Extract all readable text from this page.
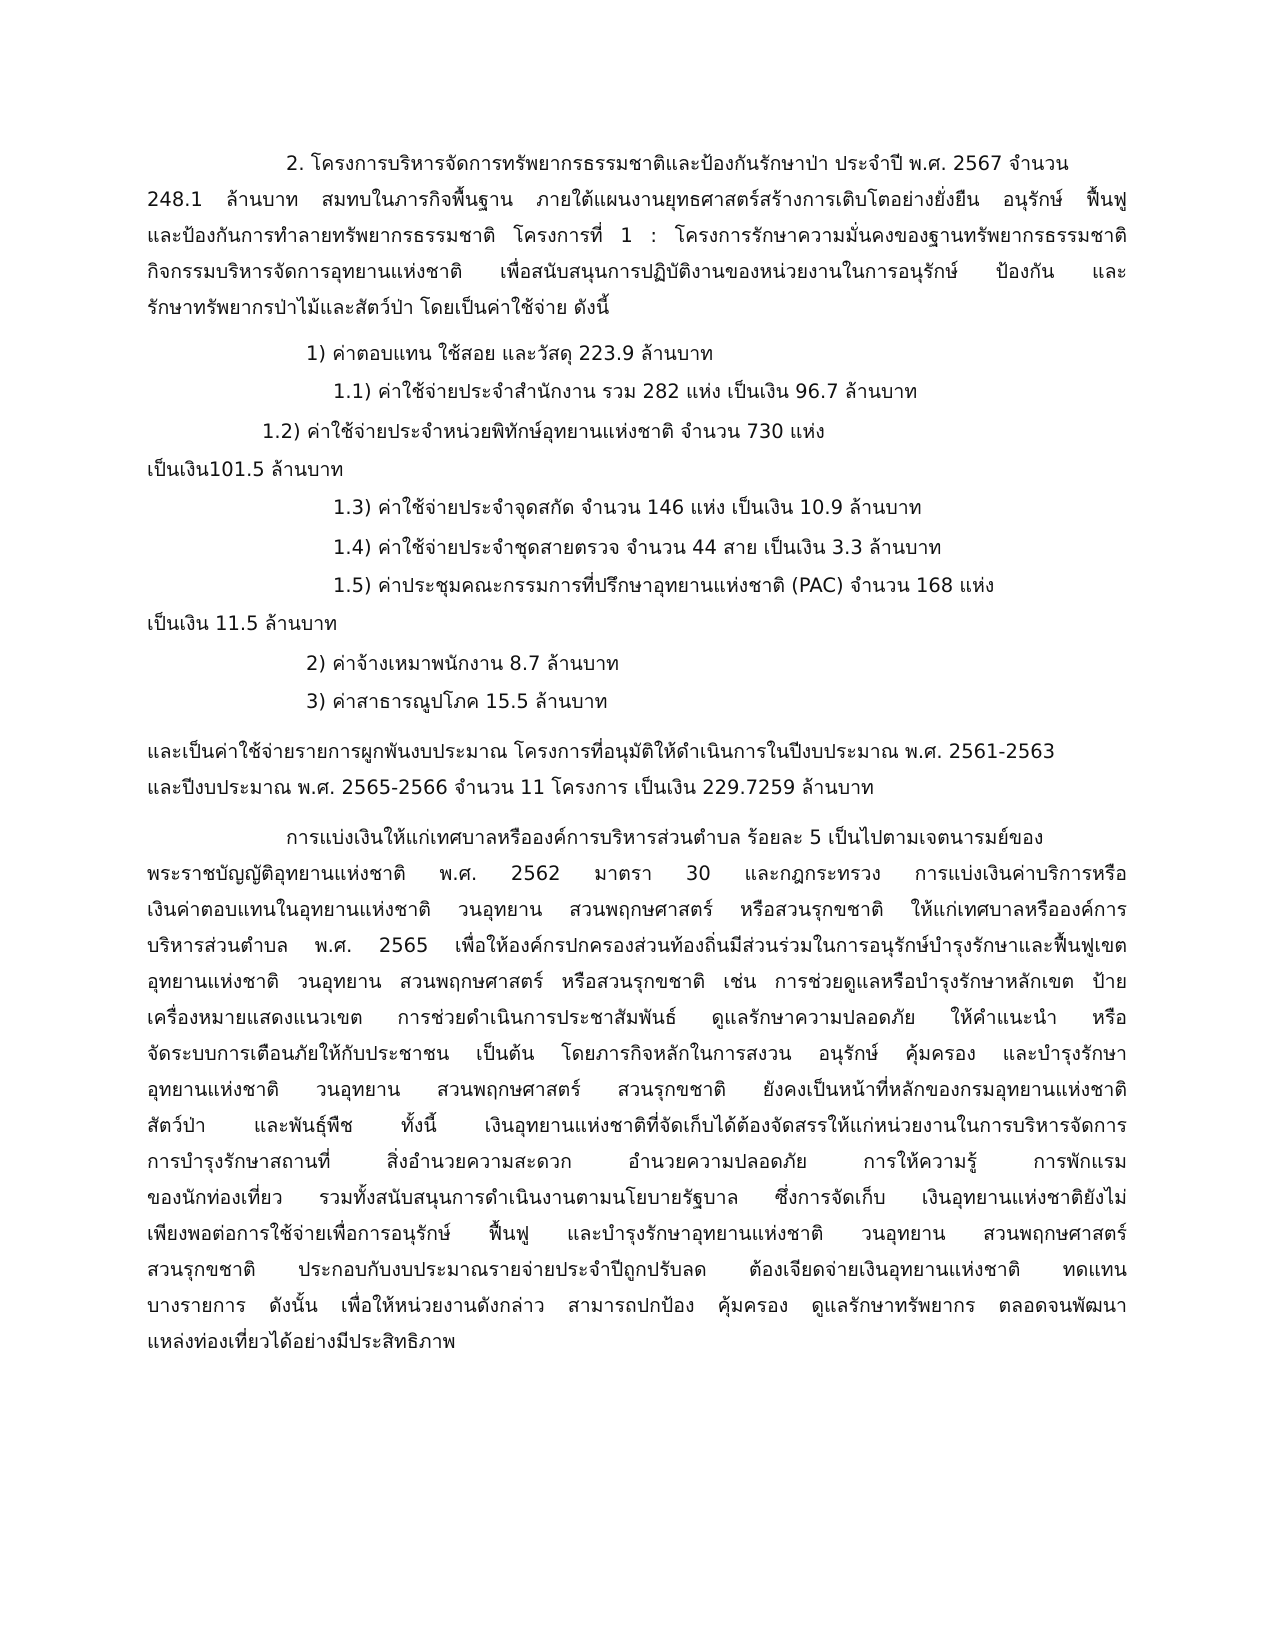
2. โครงการบริหารจัดการทรัพยากรธรรมชาติและป้องกันรักษาป่า ประจำปี พ.ศ. 2567 จำนวน
248.1 ล้านบาท สมทบในภารกิจพื้นฐาน ภายใต้แผนงานยุทธศาสตร์สร้างการเติบโตอย่างยั่งยืน อนุรักษ์ ฟื้นฟู
และป้องกันการทำลายทรัพยากรธรรมชาติ โครงการที่ 1 : โครงการรักษาความมั่นคงของฐานทรัพยากรธรรมชาติ
กิจกรรมบริหารจัดการอุทยานแห่งชาติ เพื่อสนับสนุนการปฏิบัติงานของหน่วยงานในการอนุรักษ์ ป้องกัน และ
รักษาทรัพยากรป่าไม้และสัตว์ป่า โดยเป็นค่าใช้จ่าย ดังนี้
1) ค่าตอบแทน ใช้สอย และวัสดุ 223.9 ล้านบาท
1.1) ค่าใช้จ่ายประจำสำนักงาน รวม 282 แห่ง เป็นเงิน 96.7 ล้านบาท
1.2) ค่าใช้จ่ายประจำหน่วยพิทักษ์อุทยานแห่งชาติ จำนวน 730 แห่ง
เป็นเงิน101.5 ล้านบาท
1.3) ค่าใช้จ่ายประจำจุดสกัด จำนวน 146 แห่ง เป็นเงิน 10.9 ล้านบาท
1.4) ค่าใช้จ่ายประจำชุดสายตรวจ จำนวน 44 สาย เป็นเงิน 3.3 ล้านบาท
1.5) ค่าประชุมคณะกรรมการที่ปรึกษาอุทยานแห่งชาติ (PAC) จำนวน 168 แห่ง
เป็นเงิน 11.5 ล้านบาท
2) ค่าจ้างเหมาพนักงาน 8.7 ล้านบาท
3) ค่าสาธารณูปโภค 15.5 ล้านบาท
และเป็นค่าใช้จ่ายรายการผูกพันงบประมาณ โครงการที่อนุมัติให้ดำเนินการในปีงบประมาณ พ.ศ. 2561-2563
และปีงบประมาณ พ.ศ. 2565-2566 จำนวน 11 โครงการ เป็นเงิน 229.7259 ล้านบาท
การแบ่งเงินให้แก่เทศบาลหรือองค์การบริหารส่วนตำบล ร้อยละ 5 เป็นไปตามเจตนารมย์ของ
พระราชบัญญัติอุทยานแห่งชาติ พ.ศ. 2562 มาตรา 30 และกฎกระทรวง การแบ่งเงินค่าบริการหรือ
เงินค่าตอบแทนในอุทยานแห่งชาติ วนอุทยาน สวนพฤกษศาสตร์ หรือสวนรุกขชาติ ให้แก่เทศบาลหรือองค์การ
บริหารส่วนตำบล พ.ศ. 2565 เพื่อให้องค์กรปกครองส่วนท้องถิ่นมีส่วนร่วมในการอนุรักษ์บำรุงรักษาและฟื้นฟูเขต
อุทยานแห่งชาติ วนอุทยาน สวนพฤกษศาสตร์ หรือสวนรุกขชาติ เช่น การช่วยดูแลหรือบำรุงรักษาหลักเขต ป้าย
เครื่องหมายแสดงแนวเขต การช่วยดำเนินการประชาสัมพันธ์ ดูแลรักษาความปลอดภัย ให้คำแนะนำ หรือ
จัดระบบการเตือนภัยให้กับประชาชน เป็นต้น โดยภารกิจหลักในการสงวน อนุรักษ์ คุ้มครอง และบำรุงรักษา
อุทยานแห่งชาติ วนอุทยาน สวนพฤกษศาสตร์ สวนรุกขชาติ ยังคงเป็นหน้าที่หลักของกรมอุทยานแห่งชาติ
สัตว์ป่า และพันธุ์พืช ทั้งนี้ เงินอุทยานแห่งชาติที่จัดเก็บได้ต้องจัดสรรให้แก่หน่วยงานในการบริหารจัดการ
การบำรุงรักษาสถานที่ สิ่งอำนวยความสะดวก อำนวยความปลอดภัย การให้ความรู้ การพักแรม
ของนักท่องเที่ยว รวมทั้งสนับสนุนการดำเนินงานตามนโยบายรัฐบาล ซึ่งการจัดเก็บ เงินอุทยานแห่งชาติยังไม่
เพียงพอต่อการใช้จ่ายเพื่อการอนุรักษ์ ฟื้นฟู และบำรุงรักษาอุทยานแห่งชาติ วนอุทยาน สวนพฤกษศาสตร์
สวนรุกขชาติ ประกอบกับงบประมาณรายจ่ายประจำปีถูกปรับลด ต้องเจียดจ่ายเงินอุทยานแห่งชาติ ทดแทน
บางรายการ ดังนั้น เพื่อให้หน่วยงานดังกล่าว สามารถปกป้อง คุ้มครอง ดูแลรักษาทรัพยากร ตลอดจนพัฒนา
แหล่งท่องเที่ยวได้อย่างมีประสิทธิภาพ
